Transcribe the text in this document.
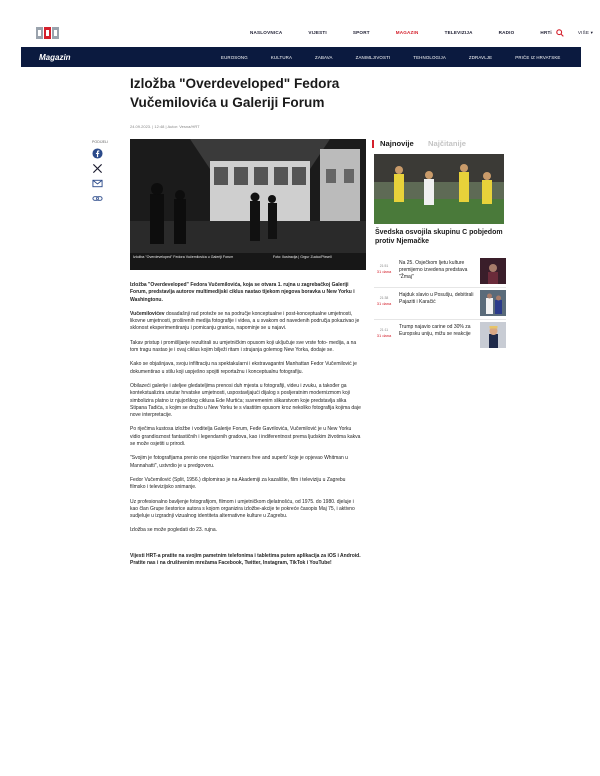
NASLOVNICA	VIJESTI	SPORT	MAGAZIN	TELEVIZIJA	RADIO	HRTi	VIŠE ▾
Magazin	EUROSONG	KULTURA	ZABAVA	ZANIMLJIVOSTI	TEHNOLOGIJA	ZDRAVLJE	PRIČE IZ HRVATSKE
Izložba "Overdeveloped" Fedora Vučemilovića u Galeriji Forum
24.09.2023. | 12:48 | Autor: Vesna/HRT
PODIJELI
Izložba "Overdeveloped" Fedora Vučemilovića u Galeriji Forum	Foto: Ilustracija | Grgur Zucko/Pixsell

Izložba "Overdeveloped" Fedora Vučemilovića, koja se otvara 1. rujna u zagrebačkoj Galeriji Forum, predstavlja autorov multimedijski ciklus nastao tijekom njegova boravka u New Yorku i Washingtonu.

Vučemilovićev dosadašnji rad proteže se na područje konceptualne i post-konceptualne umjetnosti, likovne umjetnosti, proširenih medija fotografije i videa, a u svakom od navedenih područja pokazivao je sklonost eksperimentiranju i pomicanju granica, napominje se u najavi.

Takav pristup i promišljanje rezultirali su umjetničkim opusom koji uključuje sve vrste foto- medija, a na tom tragu nastao je i ovaj ciklus kojim bilježi ritam i strujanja golemog New Yorka, dodaje se.

Kako se objašnjava, svoju infiltraciju na spektakularni i ekstravagantni Manhattan Fedor Vučemilović je dokumentirao u stilu koji uspješno spojiti reportažnu i konceptualnu fotografiju.

Obilazeći galerije i ateljee gledateljima prenosi duh mjesta u fotografiji, videu i zvuku, a također ga kontekstualizira unutar hrvatske umjetnosti, uspostavljajući dijalog s posljeratnim modernizmom koji simbolizira platno iz njujorškog ciklusa Ede Murtića; suvremenim slikarstvom koje predstavlja slika Stipana Tadića, s kojim se družio u New Yorku te s vlastitim opusom kroz nekoliko fotografija kojima daje nove interpretacije.

Po riječima kustosa izložbe i voditelja Galerije Forum, Feđe Gavrilovića, Vučemilović je u New Yorku vidio grandioznost fantastičnih i legendarnih gradova, kao i indiferentnost prema ljudskim životima kakva se može osjetiti u prirodi.

"Svojim je fotografijama prenio one njujorške 'manners free and superb' koje je opjevao Whitman u Mannahatti", ustvrdio je u predgovoru.

Fedor Vučemilović (Split, 1956.) diplomirao je na Akademiji za kazalište, film i televiziju u Zagrebu filmsko i televizijsko snimanje.

Uz profesionalno bavljenje fotografijom, filmom i umjetničkom djelatnošću, od 1975. do 1980. djeluje i kao član Grupe šestorice autora s kojom organizira izložbe-akcije te pokreće časopis Maj 75, i aktivno sudjeluje u izgradnji vizualnog identiteta alternativne kulture u Zagrebu.

Izložba se može pogledati do 23. rujna.

Vijesti HRT-a pratite na svojim pametnim telefonima i tabletima putem aplikacija za iOS i Android. Pratite nas i na društvenim mrežama Facebook, Twitter, Instagram, TikTok i YouTube!

Najnovije Najčitanije
Švedska osvojila skupinu C pobjedom protiv Njemačke
21:51
31 dana
Na 25. Osječkom ljetu kulture premijerno izvedena predstava "Žmaj"
21:38
31 dana
Hajduk slavio u Posušju, debitirali Pajaziti i Karačić
21:11
31 dana
Trump najavio carine od 30% za Europsku uniju, mižu se reakcije
